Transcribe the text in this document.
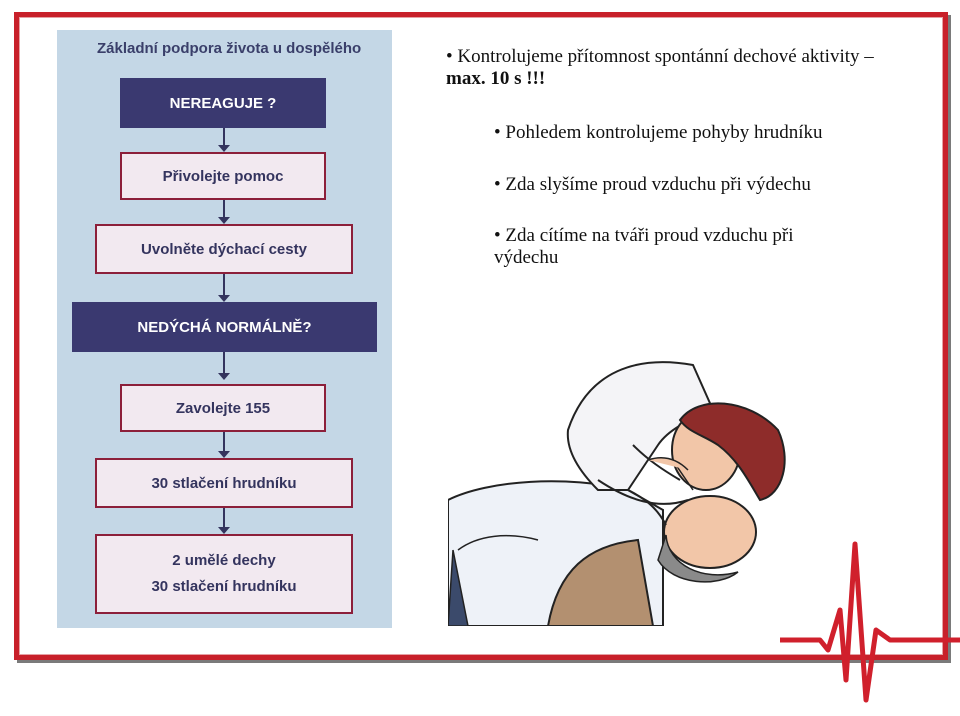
Základní podpora života u dospělého
NEREAGUJE ?
Přivolejte pomoc
Uvolněte dýchací cesty
NEDÝCHÁ NORMÁLNĚ?
Zavolejte 155
30 stlačení hrudníku
2 umělé dechy
30 stlačení hrudníku
• Kontrolujeme přítomnost spontánní dechové aktivity – max. 10 s !!!
• Pohledem kontrolujeme pohyby hrudníku
• Zda slyšíme proud vzduchu při výdechu
• Zda cítíme na tváři proud vzduchu při výdechu
